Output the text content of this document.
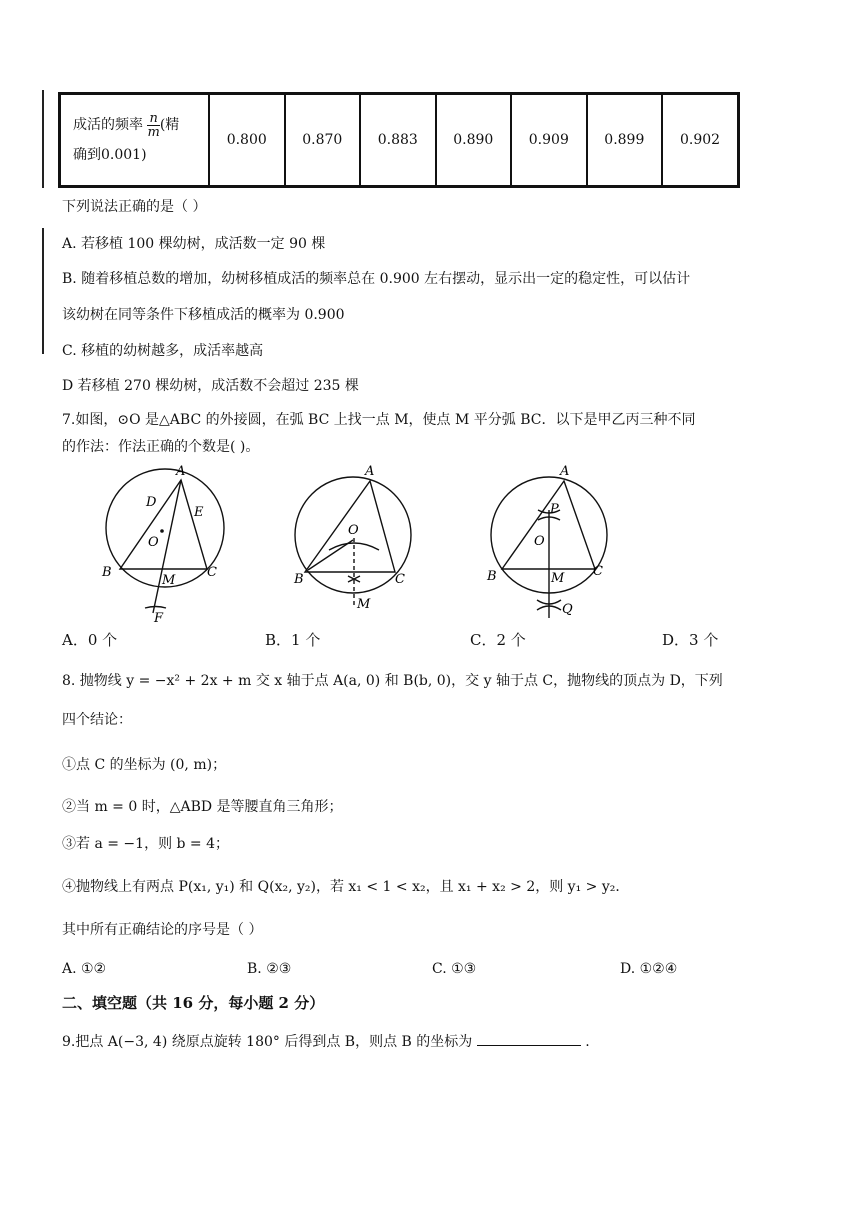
成活的频率 $\frac{n}{m}$ (精
确到0.001)	0.800	0.870	0.883	0.890	0.909	0.899	0.902
下列说法正确的是（ ）
A. 若移植 100 棵幼树，成活数一定 90 棵
B. 随着移植总数的增加，幼树移植成活的频率总在 0.900 左右摆动，显示出一定的稳定性，可以估计
该幼树在同等条件下移植成活的概率为 0.900
C. 移植的幼树越多，成活率越高
D 若移植 270 棵幼树，成活数不会超过 235 棵
7.如图，⊙O 是△ABC 的外接圆，在弧 BC 上找一点 M，使点 M 平分弧 BC．以下是甲乙丙三种不同
的作法：作法正确的个数是( )。
A
D
E
O
B
M
C
F
A
O
B	C
M
A
P
O
B	M C
Q
A．0 个	B．1 个	C．2 个	D．3 个
8. 抛物线 y = −x² + 2x + m 交 x 轴于点 A(a, 0) 和 B(b, 0)，交 y 轴于点 C，抛物线的顶点为 D，下列
四个结论：
①点 C 的坐标为 (0, m)；
②当 m = 0 时，△ABD 是等腰直角三角形；
③若 a = −1，则 b = 4；
④抛物线上有两点 P(x₁, y₁) 和 Q(x₂, y₂)，若 x₁ < 1 < x₂，且 x₁ + x₂ > 2，则 y₁ > y₂．
其中所有正确结论的序号是（ ）
A. ①②	B. ②③	C. ①③	D. ①②④
二、填空题（共 16 分，每小题 2 分）
9.把点 A(−3, 4) 绕原点旋转 180° 后得到点 B，则点 B 的坐标为	.
